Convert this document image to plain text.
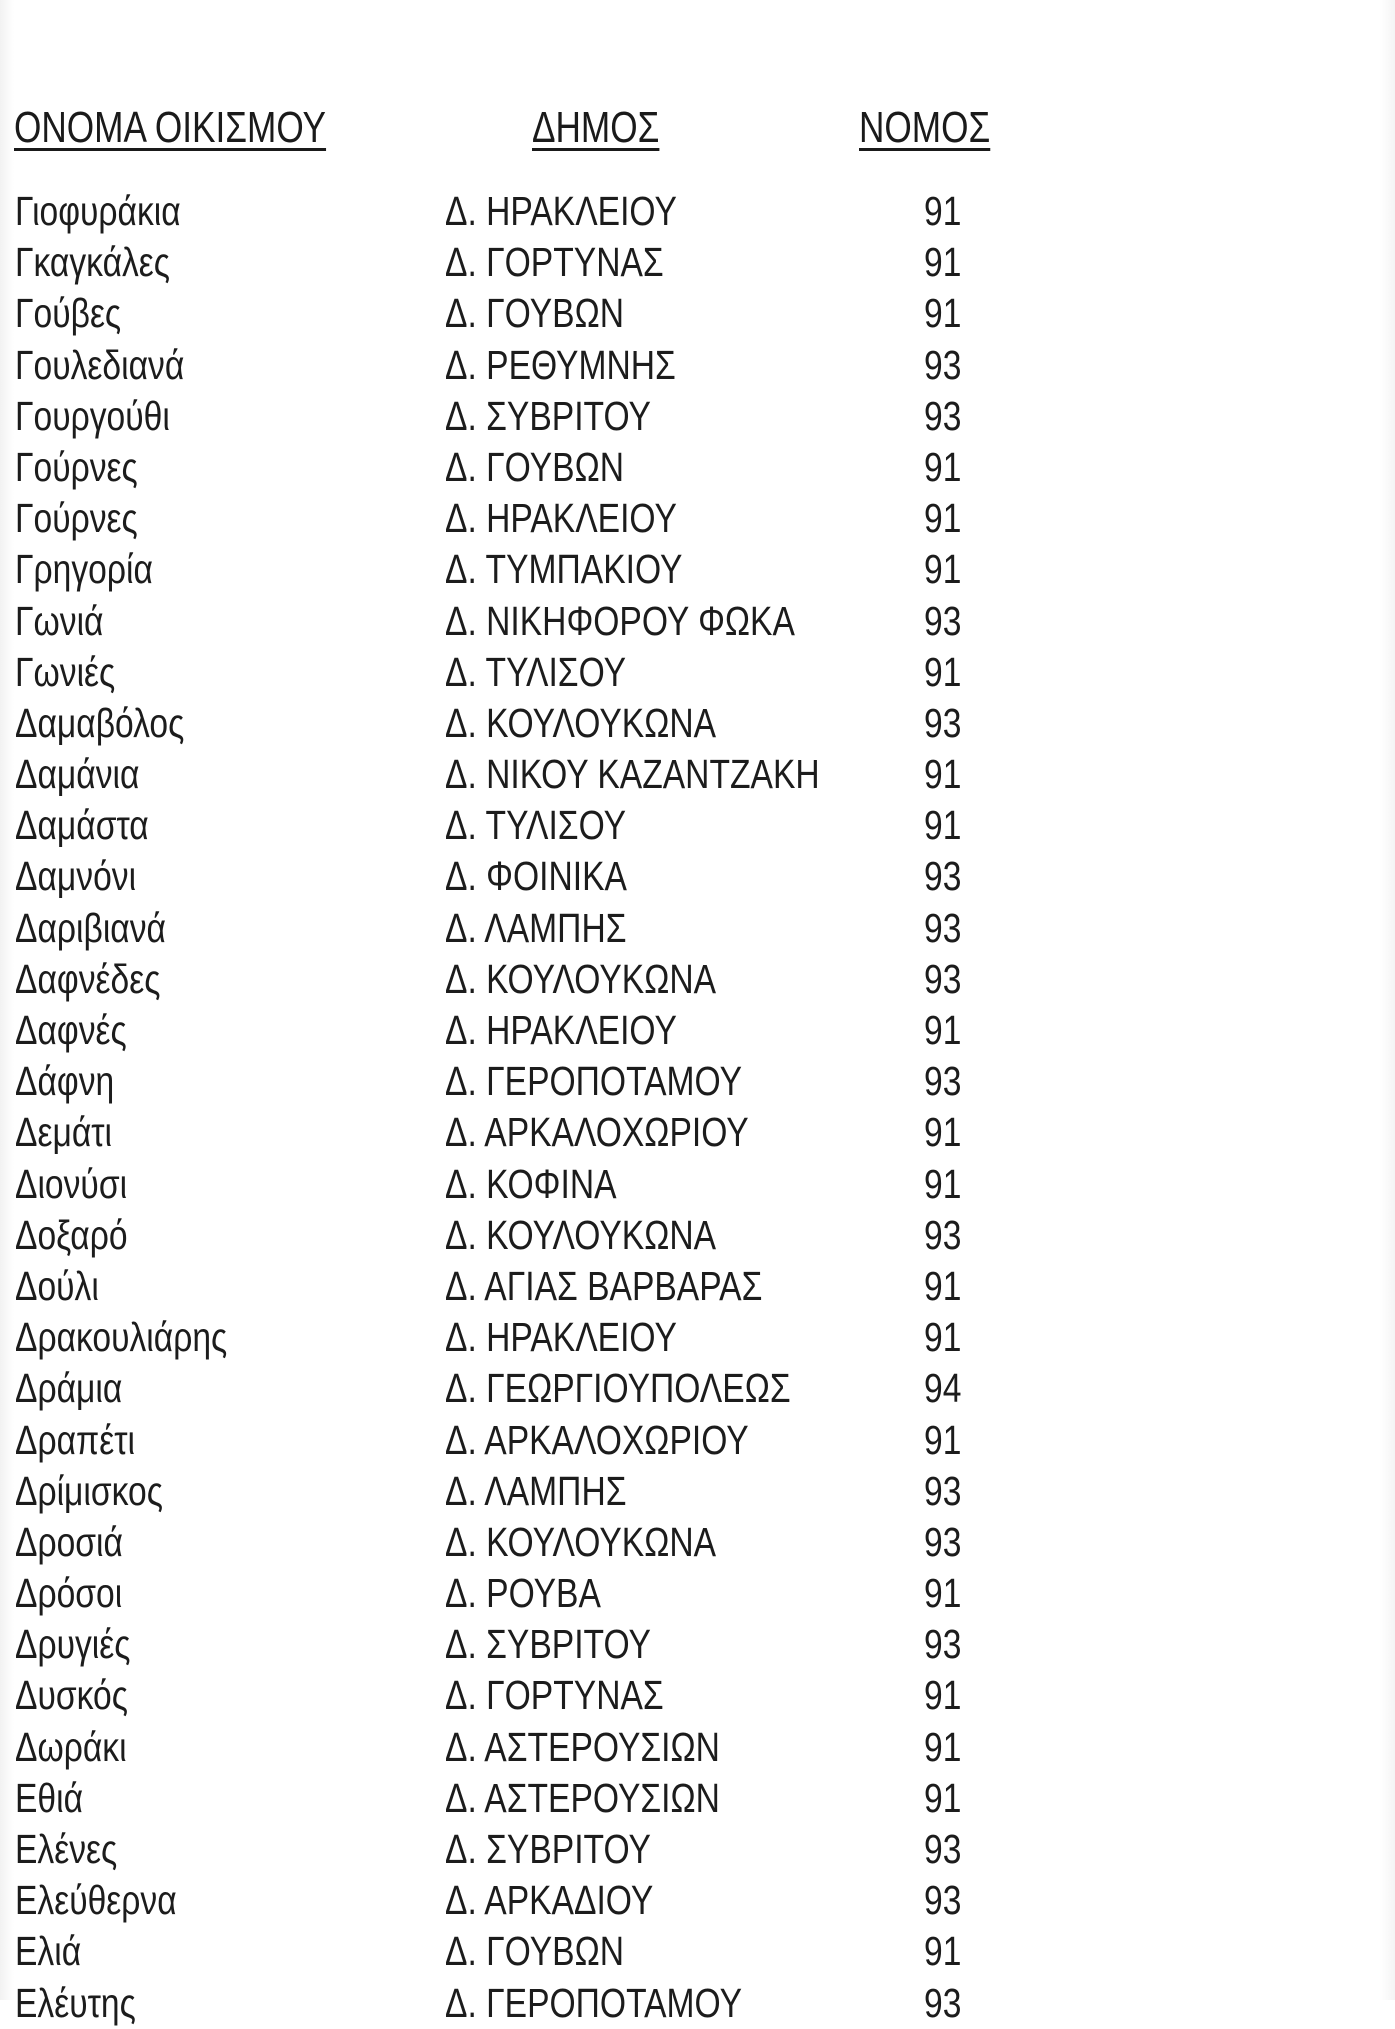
ΟΝΟΜΑ ΟΙΚΙΣΜΟΥ	ΔΗΜΟΣ	ΝΟΜΟΣ
Γιοφυράκια	Δ. ΗΡΑΚΛΕΙΟΥ	91
Γκαγκάλες	Δ. ΓΟΡΤΥΝΑΣ	91
Γούβες	Δ. ΓΟΥΒΩΝ	91
Γουλεδιανά	Δ. ΡΕΘΥΜΝΗΣ	93
Γουργούθι	Δ. ΣΥΒΡΙΤΟΥ	93
Γούρνες	Δ. ΓΟΥΒΩΝ	91
Γούρνες	Δ. ΗΡΑΚΛΕΙΟΥ	91
Γρηγορία	Δ. ΤΥΜΠΑΚΙΟΥ	91
Γωνιά	Δ. ΝΙΚΗΦΟΡΟΥ ΦΩΚΑ	93
Γωνιές	Δ. ΤΥΛΙΣΟΥ	91
Δαμαβόλος	Δ. ΚΟΥΛΟΥΚΩΝΑ	93
Δαμάνια	Δ. ΝΙΚΟΥ ΚΑΖΑΝΤΖΑΚΗ	91
Δαμάστα	Δ. ΤΥΛΙΣΟΥ	91
Δαμνόνι	Δ. ΦΟΙΝΙΚΑ	93
Δαριβιανά	Δ. ΛΑΜΠΗΣ	93
Δαφνέδες	Δ. ΚΟΥΛΟΥΚΩΝΑ	93
Δαφνές	Δ. ΗΡΑΚΛΕΙΟΥ	91
Δάφνη	Δ. ΓΕΡΟΠΟΤΑΜΟΥ	93
Δεμάτι	Δ. ΑΡΚΑΛΟΧΩΡΙΟΥ	91
Διονύσι	Δ. ΚΟΦΙΝΑ	91
Δοξαρό	Δ. ΚΟΥΛΟΥΚΩΝΑ	93
Δούλι	Δ. ΑΓΙΑΣ ΒΑΡΒΑΡΑΣ	91
Δρακουλιάρης	Δ. ΗΡΑΚΛΕΙΟΥ	91
Δράμια	Δ. ΓΕΩΡΓΙΟΥΠΟΛΕΩΣ	94
Δραπέτι	Δ. ΑΡΚΑΛΟΧΩΡΙΟΥ	91
Δρίμισκος	Δ. ΛΑΜΠΗΣ	93
Δροσιά	Δ. ΚΟΥΛΟΥΚΩΝΑ	93
Δρόσοι	Δ. ΡΟΥΒΑ	91
Δρυγιές	Δ. ΣΥΒΡΙΤΟΥ	93
Δυσκός	Δ. ΓΟΡΤΥΝΑΣ	91
Δωράκι	Δ. ΑΣΤΕΡΟΥΣΙΩΝ	91
Εθιά	Δ. ΑΣΤΕΡΟΥΣΙΩΝ	91
Ελένες	Δ. ΣΥΒΡΙΤΟΥ	93
Ελεύθερνα	Δ. ΑΡΚΑΔΙΟΥ	93
Ελιά	Δ. ΓΟΥΒΩΝ	91
Ελέυτης	Δ. ΓΕΡΟΠΟΤΑΜΟΥ	93
